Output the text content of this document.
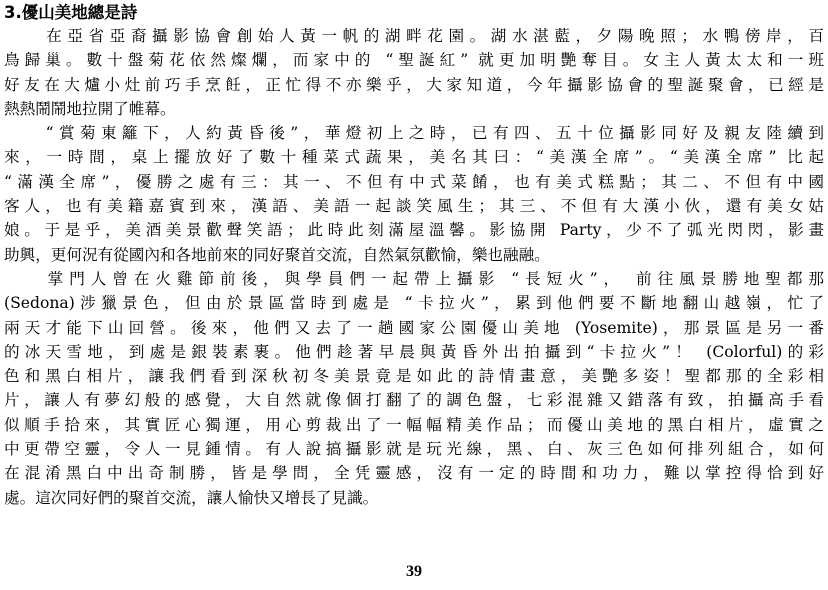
3.優山美地總是詩
在亞省亞裔攝影協會創始人黃一帆的湖畔花園。湖水湛藍，夕陽晚照；水鴨傍岸，百
鳥歸巢。數十盤菊花依然燦爛，而家中的 “聖誕紅” 就更加明艷奪目。女主人黃太太和一班
好友在大爐小灶前巧手烹飪，正忙得不亦樂乎，大家知道，今年攝影協會的聖誕聚會，已經是
熱熱鬧鬧地拉開了帷幕。
“賞菊東籬下，人約黃昏後”，華燈初上之時，已有四、五十位攝影同好及親友陸續到
來，一時間，桌上擺放好了數十種菜式蔬果，美名其曰：“美漢全席”。“美漢全席” 比起
“滿漢全席”，優勝之處有三：其一、不但有中式菜餚，也有美式糕點；其二、不但有中國
客人，也有美籍嘉賓到來，漢語、美語一起談笑風生；其三、不但有大漢小伙，還有美女姑
娘。于是乎，美酒美景歡聲笑語；此時此刻滿屋溫馨。影協開 Party，少不了弧光閃閃，影畫
助興，更何況有從國內和各地前來的同好聚首交流，自然氣氛歡愉，樂也融融。
掌門人曾在火雞節前後，與學員們一起帶上攝影 “長短火”， 前往風景勝地聖都那
(Sedona)涉獵景色，但由於景區當時到處是 “卡拉火”，累到他們要不斷地翻山越嶺，忙了
兩天才能下山回營。後來，他們又去了一趟國家公園優山美地 (Yosemite)，那景區是另一番
的冰天雪地，到處是銀裝素裹。他們趁著早晨與黃昏外出拍攝到“卡拉火”！ (Colorful)的彩
色和黑白相片，讓我們看到深秋初冬美景竟是如此的詩情畫意，美艷多姿！聖都那的全彩相
片，讓人有夢幻般的感覺，大自然就像個打翻了的調色盤，七彩混雜又錯落有致，拍攝高手看
似順手拾來，其實匠心獨運，用心剪裁出了一幅幅精美作品；而優山美地的黑白相片，虛實之
中更帶空靈，令人一見鍾情。有人說搞攝影就是玩光線，黑、白、灰三色如何排列組合，如何
在混淆黑白中出奇制勝，皆是學問，全凭靈感，沒有一定的時間和功力，難以掌控得恰到好
處。這次同好們的聚首交流，讓人愉快又增長了見識。
39
